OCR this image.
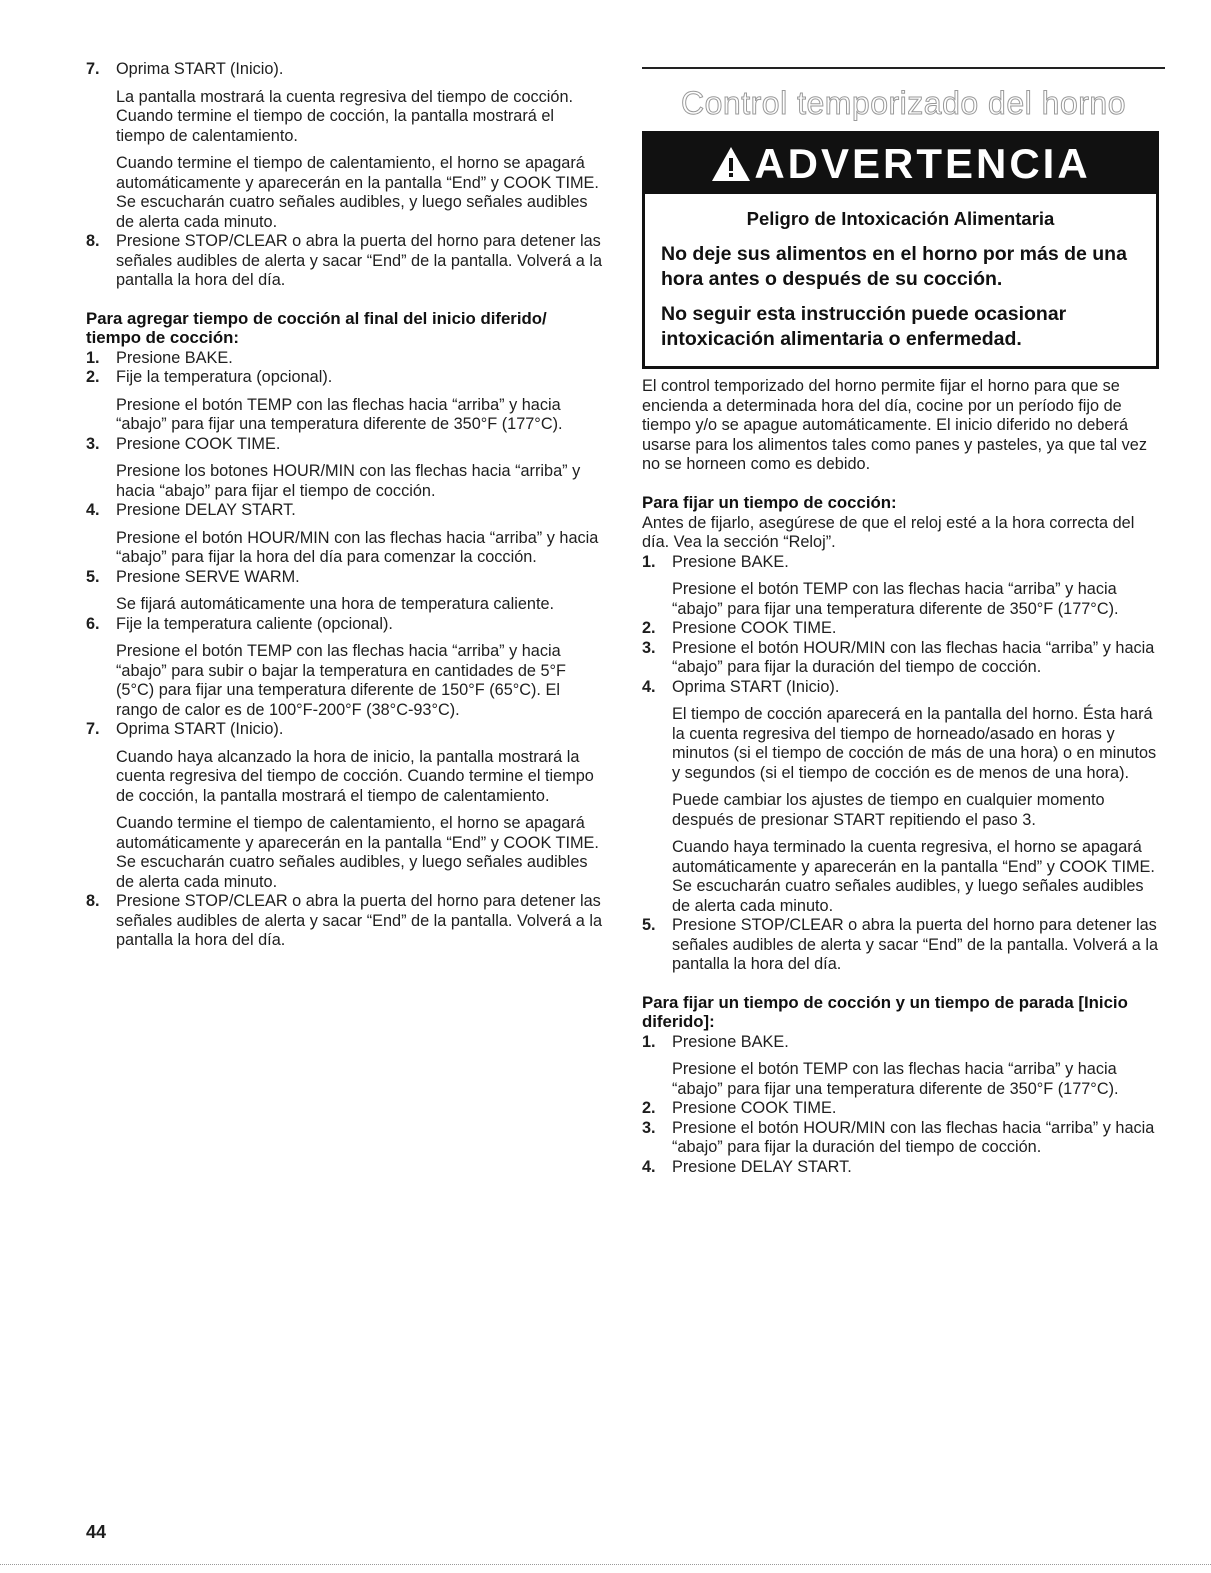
7.	Oprima START (Inicio).
La pantalla mostrará la cuenta regresiva del tiempo de cocción. Cuando termine el tiempo de cocción, la pantalla mostrará el tiempo de calentamiento.
Cuando termine el tiempo de calentamiento, el horno se apagará automáticamente y aparecerán en la pantalla “End” y COOK TIME. Se escucharán cuatro señales audibles, y luego señales audibles de alerta cada minuto.
8.	Presione STOP/CLEAR o abra la puerta del horno para detener las señales audibles de alerta y sacar “End” de la pantalla. Volverá a la pantalla la hora del día.
Para agregar tiempo de cocción al final del inicio diferido/ tiempo de cocción:
1.	Presione BAKE.
2.	Fije la temperatura (opcional).
Presione el botón TEMP con las flechas hacia “arriba” y hacia “abajo” para fijar una temperatura diferente de 350°F (177°C).
3.	Presione COOK TIME.
Presione los botones HOUR/MIN con las flechas hacia “arriba” y hacia “abajo” para fijar el tiempo de cocción.
4.	Presione DELAY START.
Presione el botón HOUR/MIN con las flechas hacia “arriba” y hacia “abajo” para fijar la hora del día para comenzar la cocción.
5.	Presione SERVE WARM.
Se fijará automáticamente una hora de temperatura caliente.
6.	Fije la temperatura caliente (opcional).
Presione el botón TEMP con las flechas hacia “arriba” y hacia “abajo” para subir o bajar la temperatura en cantidades de 5°F (5°C) para fijar una temperatura diferente de 150°F (65°C). El rango de calor es de 100°F-200°F (38°C-93°C).
7.	Oprima START (Inicio).
Cuando haya alcanzado la hora de inicio, la pantalla mostrará la cuenta regresiva del tiempo de cocción. Cuando termine el tiempo de cocción, la pantalla mostrará el tiempo de calentamiento.
Cuando termine el tiempo de calentamiento, el horno se apagará automáticamente y aparecerán en la pantalla “End” y COOK TIME. Se escucharán cuatro señales audibles, y luego señales audibles de alerta cada minuto.
8.	Presione STOP/CLEAR o abra la puerta del horno para detener las señales audibles de alerta y sacar “End” de la pantalla. Volverá a la pantalla la hora del día.
Control temporizado del horno
ADVERTENCIA
Peligro de Intoxicación Alimentaria
No deje sus alimentos en el horno por más de una hora antes o después de su cocción.
No seguir esta instrucción puede ocasionar intoxicación alimentaria o enfermedad.
El control temporizado del horno permite fijar el horno para que se encienda a determinada hora del día, cocine por un período fijo de tiempo y/o se apague automáticamente. El inicio diferido no deberá usarse para los alimentos tales como panes y pasteles, ya que tal vez no se horneen como es debido.
Para fijar un tiempo de cocción:
Antes de fijarlo, asegúrese de que el reloj esté a la hora correcta del día. Vea la sección “Reloj”.
1.	Presione BAKE.
Presione el botón TEMP con las flechas hacia “arriba” y hacia “abajo” para fijar una temperatura diferente de 350°F (177°C).
2.	Presione COOK TIME.
3.	Presione el botón HOUR/MIN con las flechas hacia “arriba” y hacia “abajo” para fijar la duración del tiempo de cocción.
4.	Oprima START (Inicio).
El tiempo de cocción aparecerá en la pantalla del horno. Ésta hará la cuenta regresiva del tiempo de horneado/asado en horas y minutos (si el tiempo de cocción de más de una hora) o en minutos y segundos (si el tiempo de cocción es de menos de una hora).
Puede cambiar los ajustes de tiempo en cualquier momento después de presionar START repitiendo el paso 3.
Cuando haya terminado la cuenta regresiva, el horno se apagará automáticamente y aparecerán en la pantalla “End” y COOK TIME. Se escucharán cuatro señales audibles, y luego señales audibles de alerta cada minuto.
5.	Presione STOP/CLEAR o abra la puerta del horno para detener las señales audibles de alerta y sacar “End” de la pantalla. Volverá a la pantalla la hora del día.
Para fijar un tiempo de cocción y un tiempo de parada [Inicio diferido]:
1.	Presione BAKE.
Presione el botón TEMP con las flechas hacia “arriba” y hacia “abajo” para fijar una temperatura diferente de 350°F (177°C).
2.	Presione COOK TIME.
3.	Presione el botón HOUR/MIN con las flechas hacia “arriba” y hacia “abajo” para fijar la duración del tiempo de cocción.
4.	Presione DELAY START.
44
